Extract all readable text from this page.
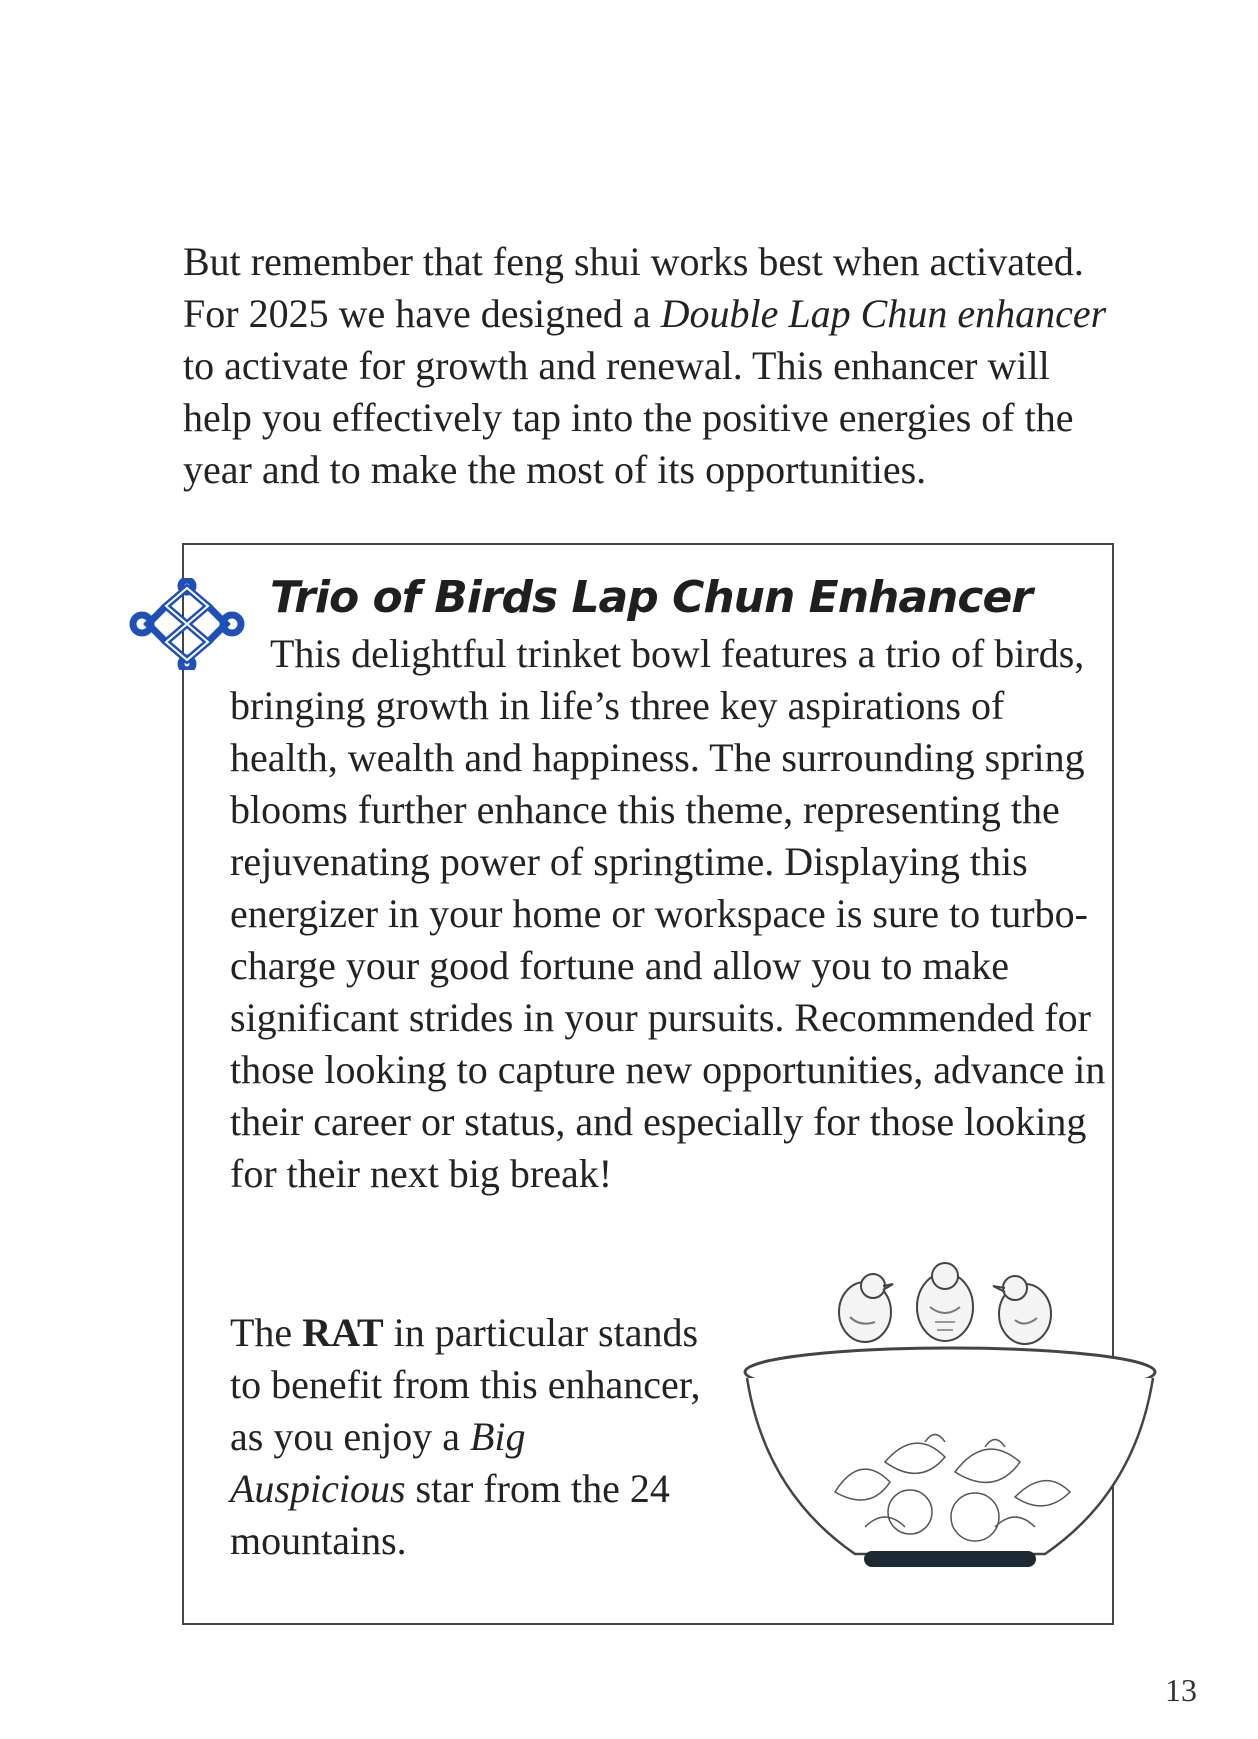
But remember that feng shui works best when activated. For 2025 we have designed a Double Lap Chun enhancer to activate for growth and renewal. This enhancer will help you effectively tap into the positive energies of the year and to make the most of its opportunities.

Trio of Birds Lap Chun Enhancer

This delightful trinket bowl features a trio of birds, bringing growth in life’s three key aspirations of health, wealth and happiness. The surrounding spring blooms further enhance this theme, representing the rejuvenating power of springtime. Displaying this energizer in your home or workspace is sure to turbo-charge your good fortune and allow you to make significant strides in your pursuits. Recommended for those looking to capture new opportunities, advance in their career or status, and especially for those looking for their next big break!

The RAT in particular stands to benefit from this enhancer, as you enjoy a Big Auspicious star from the 24 mountains.

13
